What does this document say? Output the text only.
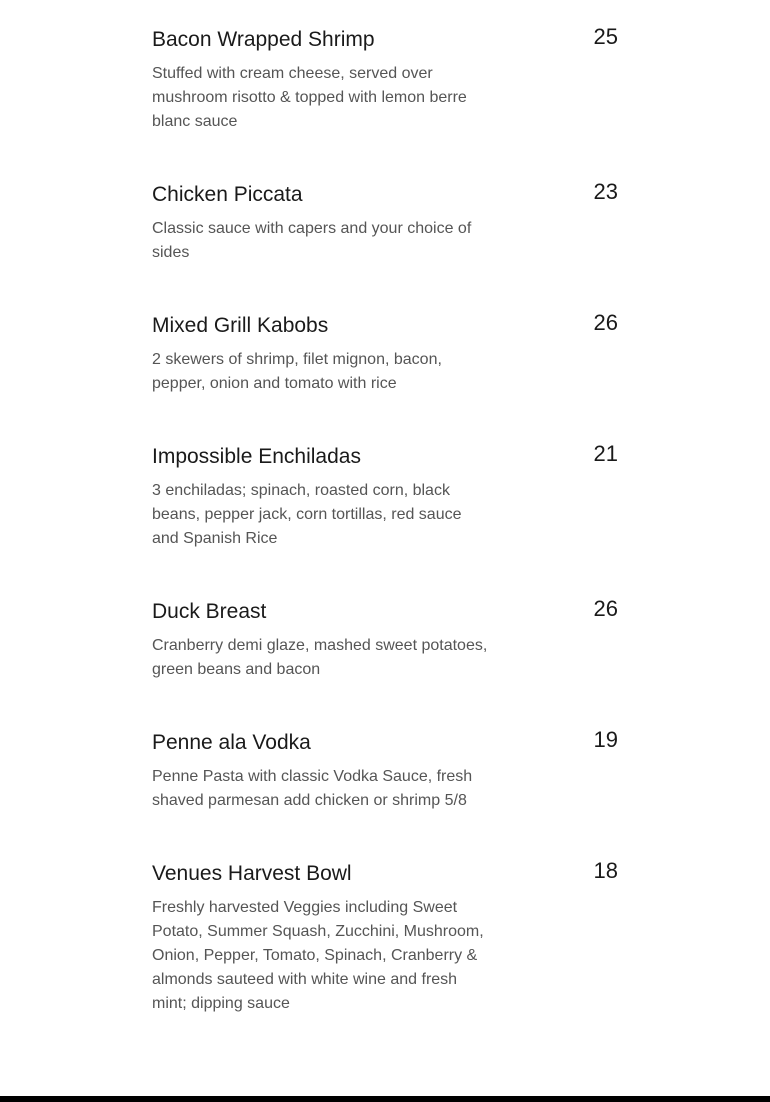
Bacon Wrapped Shrimp	25
Stuffed with cream cheese, served over mushroom risotto & topped with lemon berre blanc sauce
Chicken Piccata	23
Classic sauce with capers and your choice of sides
Mixed Grill Kabobs	26
2 skewers of shrimp, filet mignon, bacon, pepper, onion and tomato with rice
Impossible Enchiladas	21
3 enchiladas; spinach, roasted corn, black beans, pepper jack, corn tortillas, red sauce and Spanish Rice
Duck Breast	26
Cranberry demi glaze, mashed sweet potatoes, green beans and bacon
Penne ala Vodka	19
Penne Pasta with classic Vodka Sauce, fresh shaved parmesan add chicken or shrimp 5/8
Venues Harvest Bowl	18
Freshly harvested Veggies including Sweet Potato, Summer Squash, Zucchini, Mushroom, Onion, Pepper, Tomato, Spinach, Cranberry & almonds sauteed with white wine and fresh mint; dipping sauce
